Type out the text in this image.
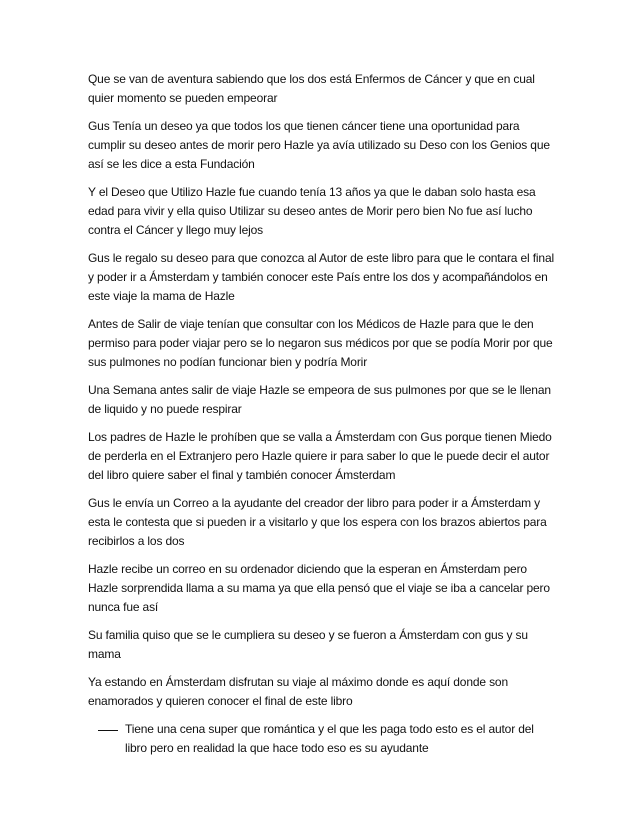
Que se van de aventura sabiendo que los dos está Enfermos de Cáncer y que en cual quier momento se pueden empeorar

Gus Tenía un deseo ya que todos los que tienen cáncer tiene una oportunidad para cumplir su deseo antes de morir pero Hazle ya avía utilizado su Deso con los Genios que así se les dice a esta Fundación

Y el Deseo que Utilizo Hazle fue cuando tenía 13 años ya que le daban solo hasta esa edad para vivir y ella quiso Utilizar su deseo antes de Morir pero bien No fue así lucho contra el Cáncer y llego muy lejos

Gus le regalo su deseo para que conozca al Autor de este libro para que le contara el final y poder ir a Ámsterdam y también conocer este País entre los dos y acompañándolos en este viaje la mama de Hazle

Antes de Salir de viaje tenían que consultar con los Médicos de Hazle para que le den permiso para poder viajar pero se lo negaron sus médicos por que se podía Morir por que sus pulmones no podían funcionar bien y podría Morir

Una Semana antes salir de viaje Hazle se empeora de sus pulmones por que se le llenan de liquido y no puede respirar

Los padres de Hazle le prohíben que se valla a Ámsterdam con Gus porque tienen Miedo de perderla en el Extranjero pero Hazle quiere ir para saber lo que le puede decir el autor del libro quiere saber el final y también conocer Ámsterdam

Gus le envía un Correo a la ayudante del creador der libro para poder ir a Ámsterdam y esta le contesta que si pueden ir a visitarlo y que los espera con los brazos abiertos para recibirlos a los dos

Hazle recibe un correo en su ordenador diciendo que la esperan en Ámsterdam pero Hazle sorprendida llama a su mama ya que ella pensó que el viaje se iba a cancelar pero nunca fue así

Su familia quiso que se le cumpliera su deseo y se fueron a Ámsterdam con gus y su mama

Ya estando en Ámsterdam disfrutan su viaje al máximo donde es aquí donde son enamorados y quieren conocer el final de este libro

Tiene una cena super que romántica y el que les paga todo esto es el autor del libro pero en realidad la que hace todo eso es su ayudante
